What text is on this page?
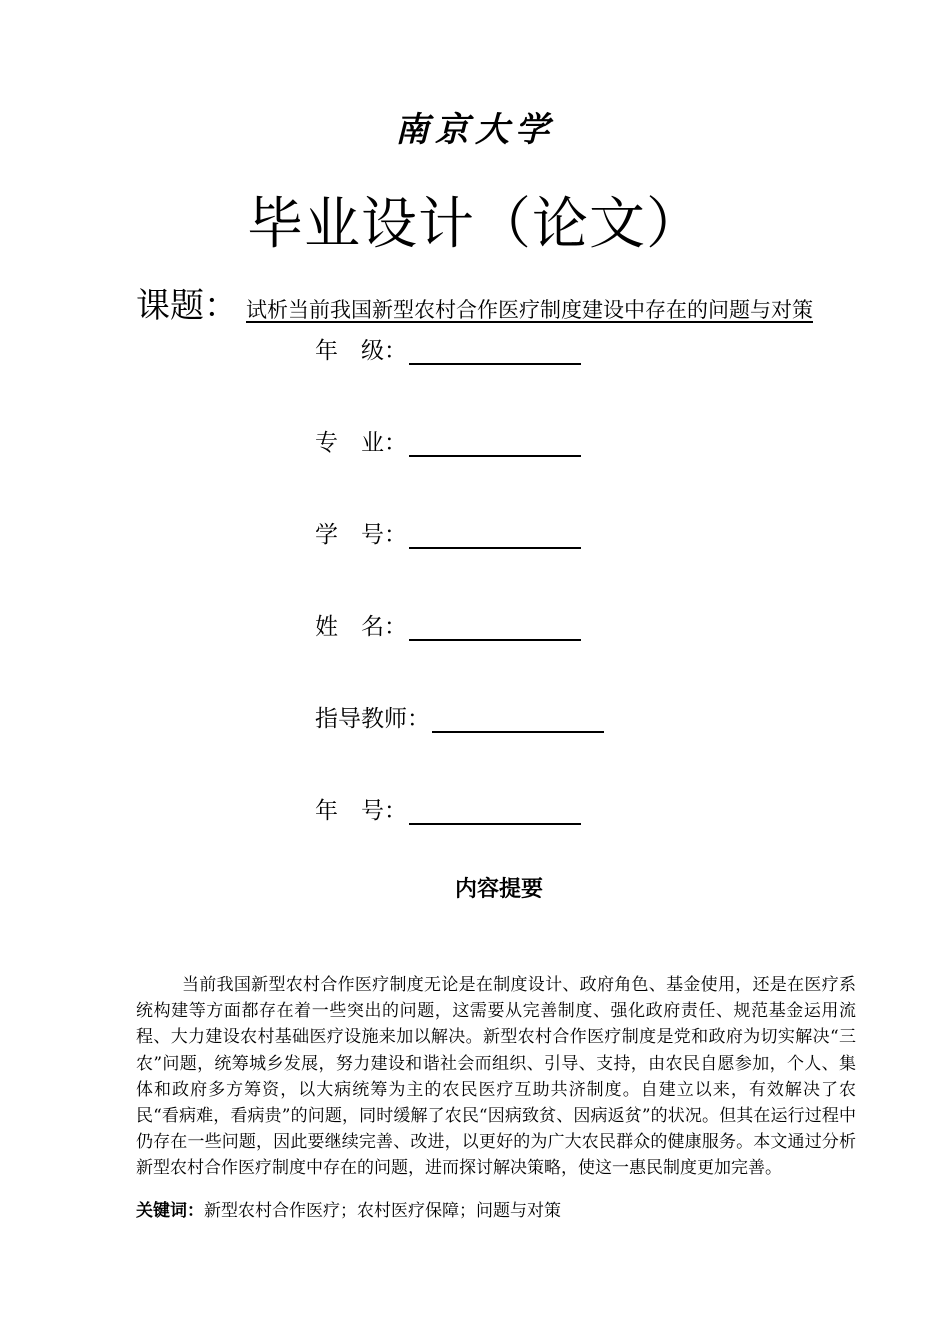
南京大学
毕业设计（论文）
课题： 试析当前我国新型农村合作医疗制度建设中存在的问题与对策
年　级：
专　业：
学　号：
姓　名：
指导教师：
年　号：
内容提要
当前我国新型农村合作医疗制度无论是在制度设计、政府角色、基金使用，还是在医疗系统构建等方面都存在着一些突出的问题，这需要从完善制度、强化政府责任、规范基金运用流程、大力建设农村基础医疗设施来加以解决。新型农村合作医疗制度是党和政府为切实解决“三农”问题，统筹城乡发展，努力建设和谐社会而组织、引导、支持，由农民自愿参加，个人、集体和政府多方筹资，以大病统筹为主的农民医疗互助共济制度。自建立以来，有效解决了农民“看病难，看病贵”的问题，同时缓解了农民“因病致贫、因病返贫”的状况。但其在运行过程中仍存在一些问题，因此要继续完善、改进，以更好的为广大农民群众的健康服务。本文通过分析新型农村合作医疗制度中存在的问题，进而探讨解决策略，使这一惠民制度更加完善。
关键词：新型农村合作医疗；农村医疗保障；问题与对策
